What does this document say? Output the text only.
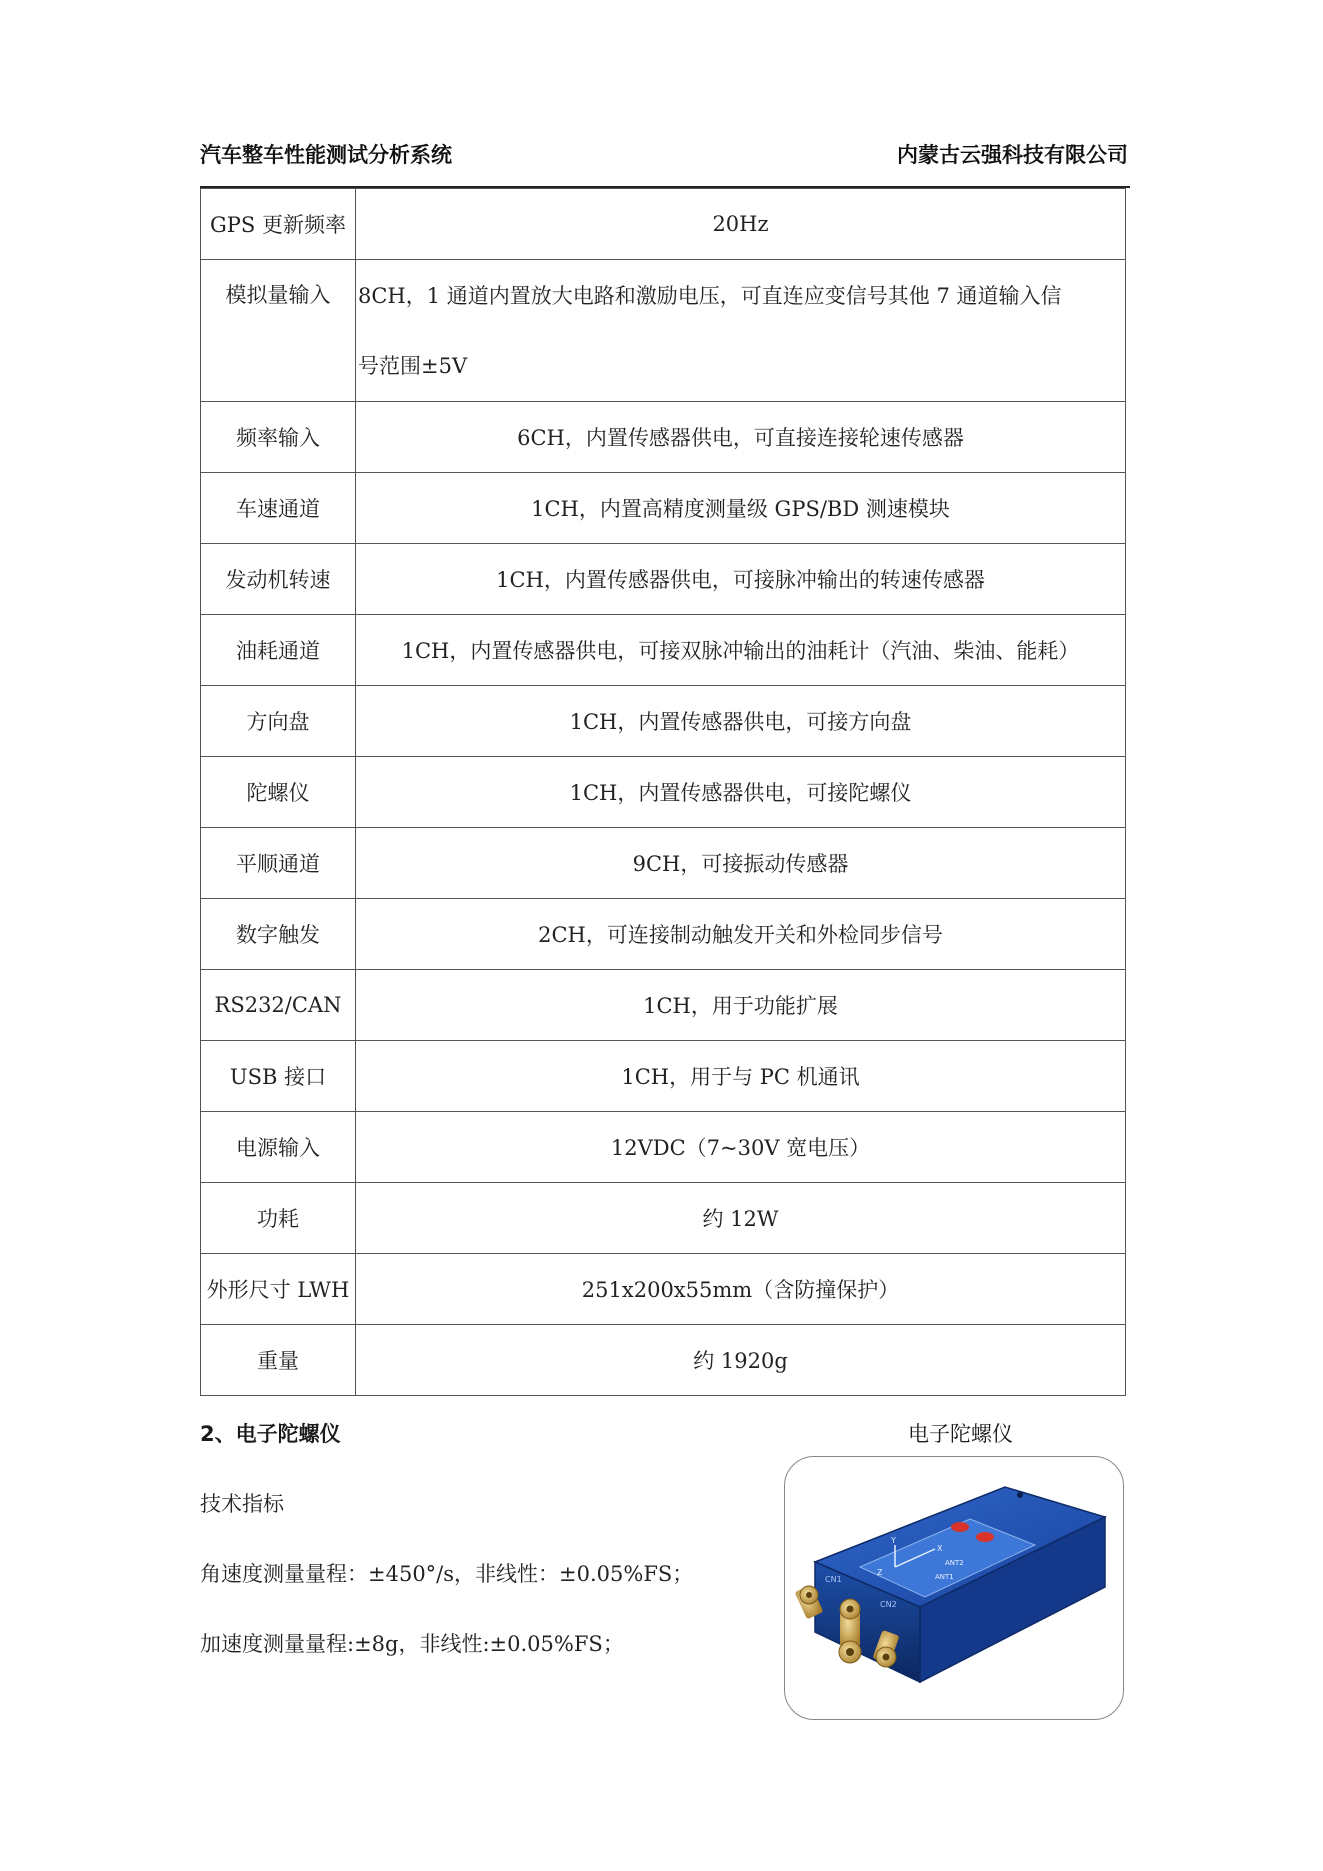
汽车整车性能测试分析系统	内蒙古云强科技有限公司
GPS 更新频率	20Hz
模拟量输入	8CH，1 通道内置放大电路和激励电压，可直连应变信号其他 7 通道输入信
号范围±5V

频率输入	6CH，内置传感器供电，可直接连接轮速传感器
车速通道	1CH，内置高精度测量级 GPS/BD 测速模块
发动机转速	1CH，内置传感器供电，可接脉冲输出的转速传感器
油耗通道	1CH，内置传感器供电，可接双脉冲输出的油耗计（汽油、柴油、能耗）
方向盘	1CH，内置传感器供电，可接方向盘
陀螺仪	1CH，内置传感器供电，可接陀螺仪
平顺通道	9CH，可接振动传感器
数字触发	2CH，可连接制动触发开关和外检同步信号
RS232/CAN	1CH，用于功能扩展
USB 接口	1CH，用于与 PC 机通讯
电源输入	12VDC（7~30V 宽电压）
功耗	约 12W
外形尺寸 LWH	251x200x55mm（含防撞保护）
重量	约 1920g
2、电子陀螺仪	电子陀螺仪
技术指标
角速度测量量程：±450°/s，非线性：±0.05%FS；
加速度测量量程:±8g，非线性:±0.05%FS；
X
Y
Z
ANT2
ANT1
CN1
CN2
